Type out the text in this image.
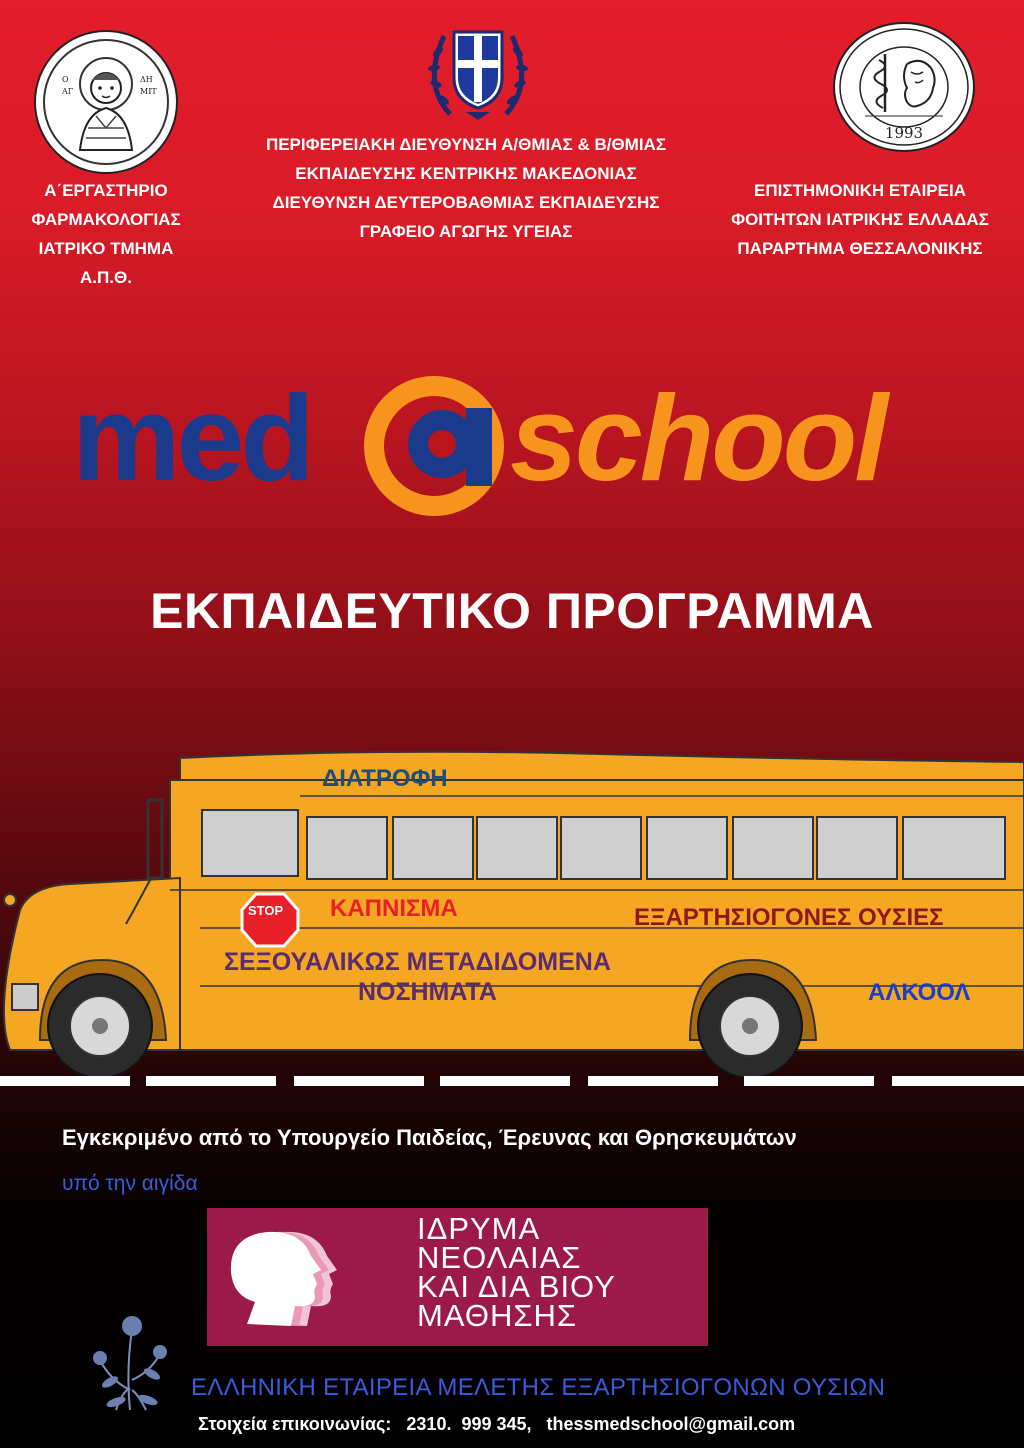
Ο
ΑΓ
ΔΗ
ΜΙΤ
1993
Α΄ΕΡΓΑΣΤΗΡΙΟ
ΦΑΡΜΑΚΟΛΟΓΙΑΣ
ΙΑΤΡΙΚΟ ΤΜΗΜΑ
Α.Π.Θ.
ΠΕΡΙΦΕΡΕΙΑΚΗ ΔΙΕΥΘΥΝΣΗ Α/ΘΜΙΑΣ & Β/ΘΜΙΑΣ
ΕΚΠΑΙΔΕΥΣΗΣ ΚΕΝΤΡΙΚΗΣ ΜΑΚΕΔΟΝΙΑΣ
ΔΙΕΥΘΥΝΣΗ ΔΕΥΤΕΡΟΒΑΘΜΙΑΣ ΕΚΠΑΙΔΕΥΣΗΣ
ΓΡΑΦΕΙΟ ΑΓΩΓΗΣ ΥΓΕΙΑΣ
ΕΠΙΣΤΗΜΟΝΙΚΗ ΕΤΑΙΡΕΙΑ
ΦΟΙΤΗΤΩΝ ΙΑΤΡΙΚΗΣ ΕΛΛΑΔΑΣ
ΠΑΡΑΡΤΗΜΑ ΘΕΣΣΑΛΟΝΙΚΗΣ
med school
ΕΚΠΑΙΔΕΥΤΙΚΟ ΠΡΟΓΡΑΜΜΑ
STOP
ΔΙΑΤΡΟΦΗ
ΚΑΠΝΙΣΜΑ	ΕΞΑΡΤΗΣΙΟΓΟΝΕΣ ΟΥΣΙΕΣ
ΣΕΞΟΥΑΛΙΚΩΣ ΜΕΤΑΔΙΔΟΜΕΝΑ
ΝΟΣΗΜΑΤΑ	ΑΛΚΟΟΛ
Εγκεκριμένο από το Υπουργείο Παιδείας, Έρευνας και Θρησκευμάτων
υπό την αιγίδα
ΙΔΡΥΜΑ
ΝΕΟΛΑΙΑΣ
ΚΑΙ ΔΙΑ ΒΙΟΥ
ΜΑΘΗΣΗΣ
ΕΛΛΗΝΙΚΗ ΕΤΑΙΡΕΙΑ ΜΕΛΕΤΗΣ ΕΞΑΡΤΗΣΙΟΓΟΝΩΝ ΟΥΣΙΩΝ
Στοιχεία επικοινωνίας:   2310.  999 345,   thessmedschool@gmail.com
